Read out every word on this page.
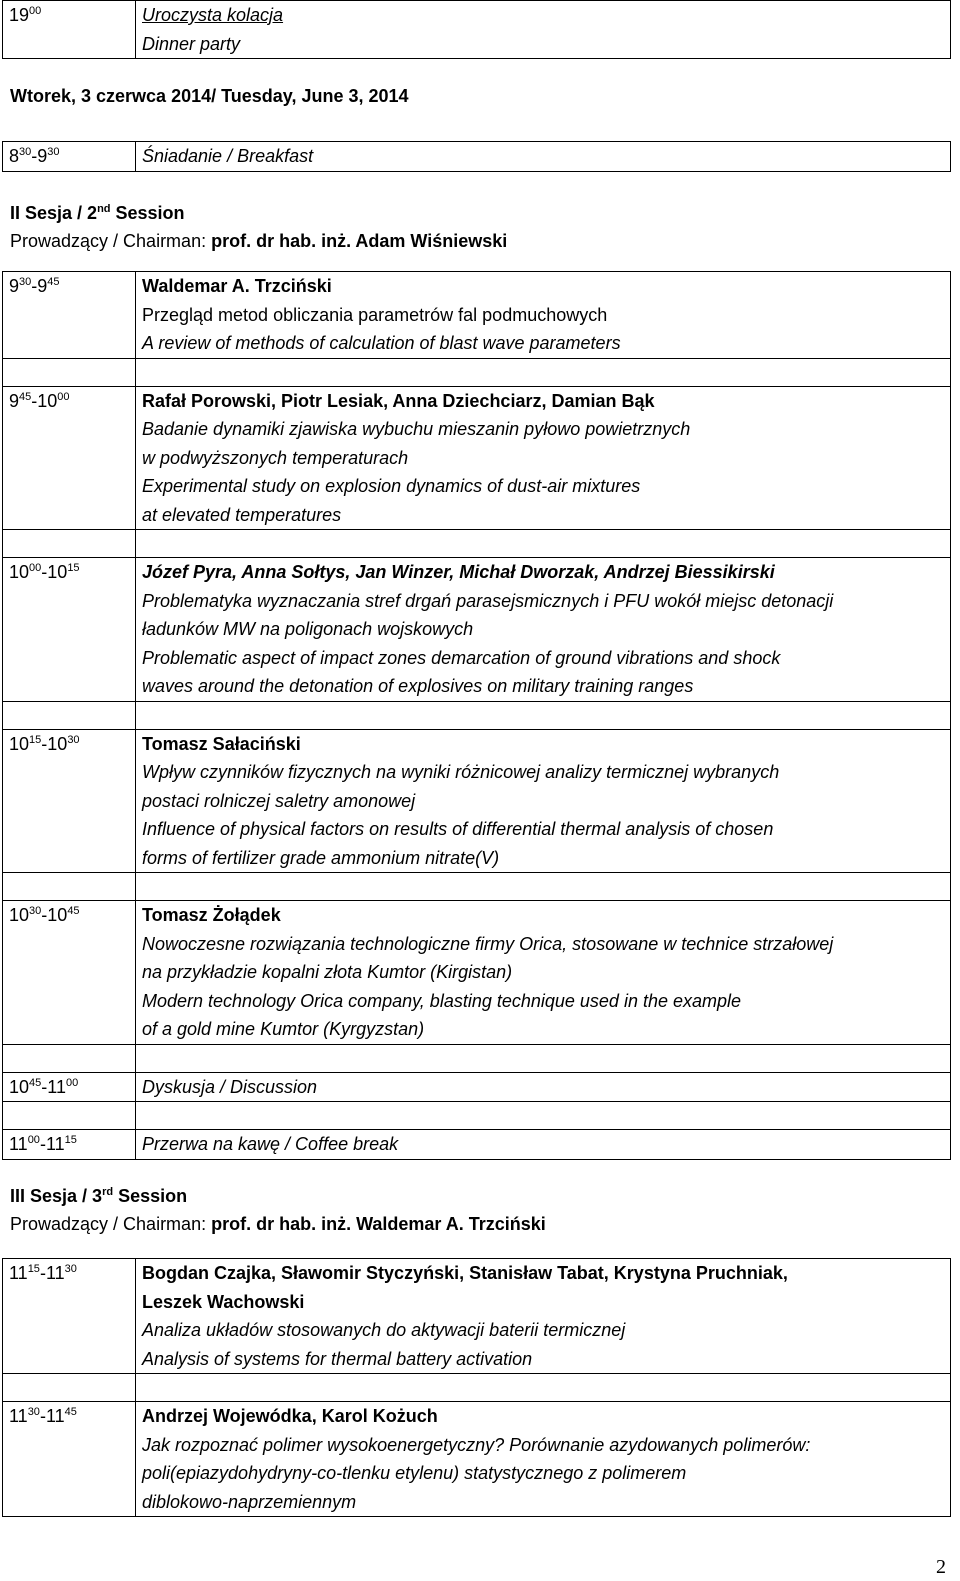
$19^{00}$	Uroczysta kolacja
Dinner party
Wtorek, 3 czerwca 2014/ Tuesday, June 3, 2014
$8^{30}-9^{30}$	Śniadanie / Breakfast
II Sesja / 2nd Session
Prowadzący / Chairman: prof. dr hab. inż. Adam Wiśniewski
$9^{30}-9^{45}$	Waldemar A. Trzciński
Przegląd metod obliczania parametrów fal podmuchowych
A review of methods of calculation of blast wave parameters

$9^{45}-10^{00}$	Rafał Porowski, Piotr Lesiak, Anna Dziechciarz, Damian Bąk
Badanie dynamiki zjawiska wybuchu mieszanin pyłowo powietrznych
w podwyższonych temperaturach
Experimental study on explosion dynamics of dust-air mixtures
at elevated temperatures

$10^{00}-10^{15}$	Józef Pyra, Anna Sołtys, Jan Winzer, Michał Dworzak, Andrzej Biessikirski
Problematyka wyznaczania stref drgań parasejsmicznych i PFU wokół miejsc detonacji
ładunków MW na poligonach wojskowych
Problematic aspect of impact zones demarcation of ground vibrations and shock
waves around the detonation of explosives on military training ranges

$10^{15}-10^{30}$	Tomasz Sałaciński
Wpływ czynników fizycznych na wyniki różnicowej analizy termicznej wybranych
postaci rolniczej saletry amonowej
Influence of physical factors on results of differential thermal analysis of chosen
forms of fertilizer grade ammonium nitrate(V)

$10^{30}-10^{45}$	Tomasz Żołądek
Nowoczesne rozwiązania technologiczne firmy Orica, stosowane w technice strzałowej
na przykładzie kopalni złota Kumtor (Kirgistan)
Modern technology Orica company, blasting technique used in the example
of a gold mine Kumtor (Kyrgyzstan)

$10^{45}-11^{00}$	Dyskusja / Discussion

$11^{00}-11^{15}$	Przerwa na kawę / Coffee break
III Sesja / 3rd Session
Prowadzący / Chairman: prof. dr hab. inż. Waldemar A. Trzciński
$11^{15}-11^{30}$	Bogdan Czajka, Sławomir Styczyński, Stanisław Tabat, Krystyna Pruchniak,
Leszek Wachowski
Analiza układów stosowanych do aktywacji baterii termicznej
Analysis of systems for thermal battery activation

$11^{30}-11^{45}$	Andrzej Wojewódka, Karol Kożuch
Jak rozpoznać polimer wysokoenergetyczny? Porównanie azydowanych polimerów:
poli(epiazydohydryny-co-tlenku etylenu) statystycznego z polimerem
diblokowo-naprzemiennym
2
